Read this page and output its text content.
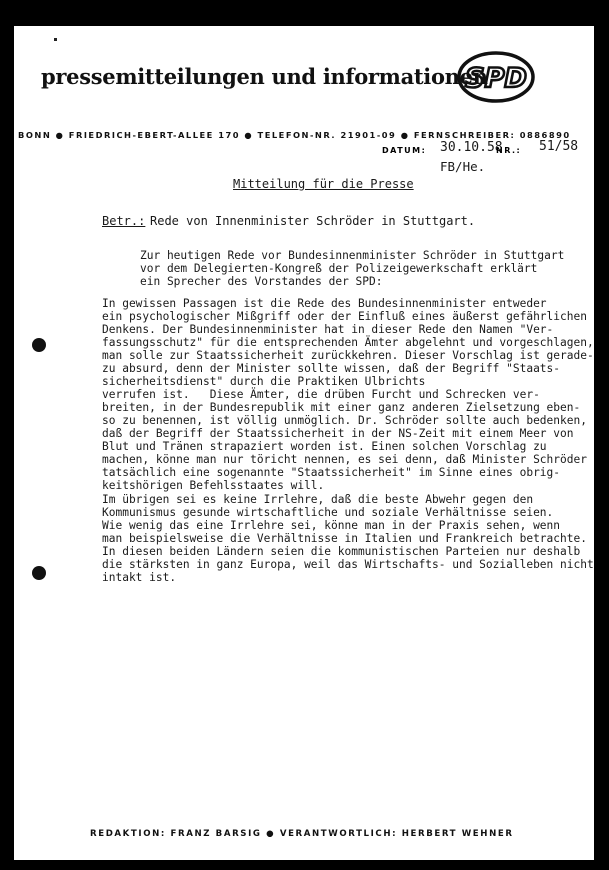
pressemitteilungen und informationen
SPD
BONN ● FRIEDRICH-EBERT-ALLEE 170 ● TELEFON-NR. 21901-09 ● FERNSCHREIBER: 0886890
DATUM: 30.10.58
NR.: 51/58
FB/He.
Mitteilung für die Presse
Betr.: Rede von Innenminister Schröder in Stuttgart.
Zur heutigen Rede vor Bundesinnenminister Schröder in Stuttgart
vor dem Delegierten-Kongreß der Polizeigewerkschaft erklärt
ein Sprecher des Vorstandes der SPD:
In gewissen Passagen ist die Rede des Bundesinnenminister entweder
ein psychologischer Mißgriff oder der Einfluß eines äußerst gefährlichen
Denkens. Der Bundesinnenminister hat in dieser Rede den Namen "Ver-
fassungsschutz" für die entsprechenden Ämter abgelehnt und vorgeschlagen,
man solle zur Staatssicherheit zurückkehren. Dieser Vorschlag ist gerade-
zu absurd, denn der Minister sollte wissen, daß der Begriff "Staats-
sicherheitsdienst" durch die Praktiken Ulbrichts
verrufen ist.   Diese Ämter, die drüben Furcht und Schrecken ver-
breiten, in der Bundesrepublik mit einer ganz anderen Zielsetzung eben-
so zu benennen, ist völlig unmöglich. Dr. Schröder sollte auch bedenken,
daß der Begriff der Staatssicherheit in der NS-Zeit mit einem Meer von
Blut und Tränen strapaziert worden ist. Einen solchen Vorschlag zu
machen, könne man nur töricht nennen, es sei denn, daß Minister Schröder
tatsächlich eine sogenannte "Staatssicherheit" im Sinne eines obrig-
keitshörigen Befehlsstaates will.
Im übrigen sei es keine Irrlehre, daß die beste Abwehr gegen den
Kommunismus gesunde wirtschaftliche und soziale Verhältnisse seien.
Wie wenig das eine Irrlehre sei, könne man in der Praxis sehen, wenn
man beispielsweise die Verhältnisse in Italien und Frankreich betrachte.
In diesen beiden Ländern seien die kommunistischen Parteien nur deshalb
die stärksten in ganz Europa, weil das Wirtschafts- und Sozialleben nicht
intakt ist.
REDAKTION: FRANZ BARSIG ● VERANTWORTLICH: HERBERT WEHNER
